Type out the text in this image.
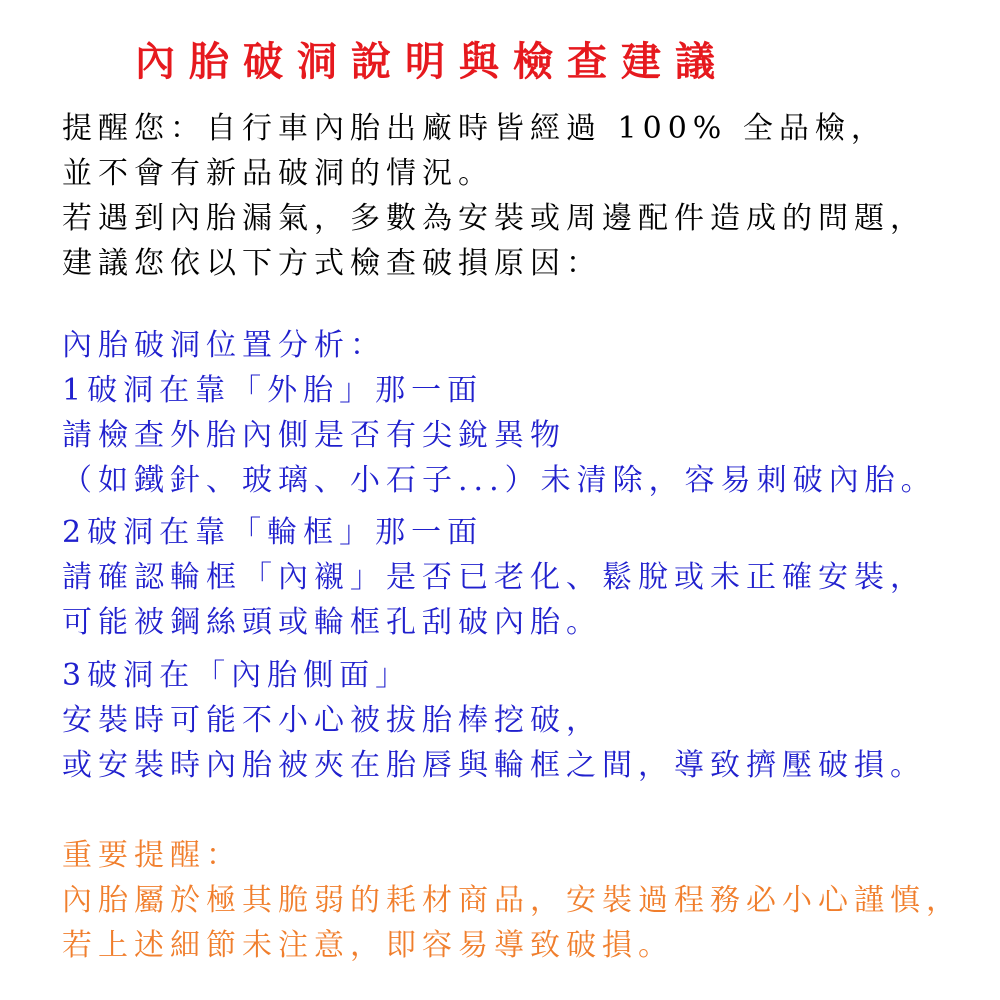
內胎破洞說明與檢查建議

提醒您：自行車內胎出廠時皆經過 100% 全品檢，

並不會有新品破洞的情況。

若遇到內胎漏氣，多數為安裝或周邊配件造成的問題，

建議您依以下方式檢查破損原因：

內胎破洞位置分析：

1破洞在靠「外胎」那一面

請檢查外胎內側是否有尖銳異物

（如鐵針、玻璃、小石子...）未清除，容易刺破內胎。

2破洞在靠「輪框」那一面

請確認輪框「內襯」是否已老化、鬆脫或未正確安裝，

可能被鋼絲頭或輪框孔刮破內胎。

3破洞在「內胎側面」

安裝時可能不小心被拔胎棒挖破，

或安裝時內胎被夾在胎唇與輪框之間，導致擠壓破損。

重要提醒：

內胎屬於極其脆弱的耗材商品，安裝過程務必小心謹慎，

若上述細節未注意，即容易導致破損。
